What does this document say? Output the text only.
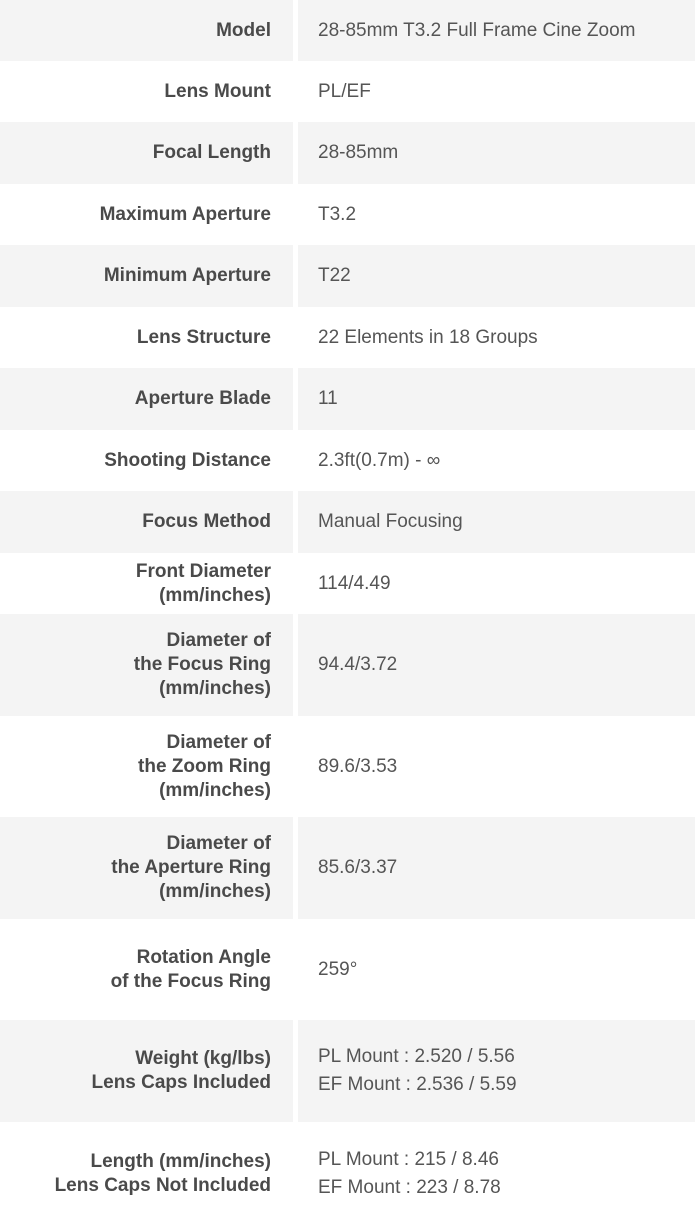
Model 28-85mm T3.2 Full Frame Cine Zoom
Lens Mount PL/EF
Focal Length 28-85mm
Maximum Aperture T3.2
Minimum Aperture T22
Lens Structure 22 Elements in 18 Groups
Aperture Blade 11
Shooting Distance 2.3ft(0.7m) - ∞
Focus Method Manual Focusing
Front Diameter
(mm/inches)
114/4.49
Diameter of
the Focus Ring
(mm/inches)
94.4/3.72
Diameter of
the Zoom Ring
(mm/inches)
89.6/3.53
Diameter of
the Aperture Ring
(mm/inches)
85.6/3.37
Rotation Angle
of the Focus Ring
259°
Weight (kg/lbs)
Lens Caps Included
PL Mount : 2.520 / 5.56
EF Mount : 2.536 / 5.59
Length (mm/inches)
Lens Caps Not Included
PL Mount : 215 / 8.46
EF Mount : 223 / 8.78
